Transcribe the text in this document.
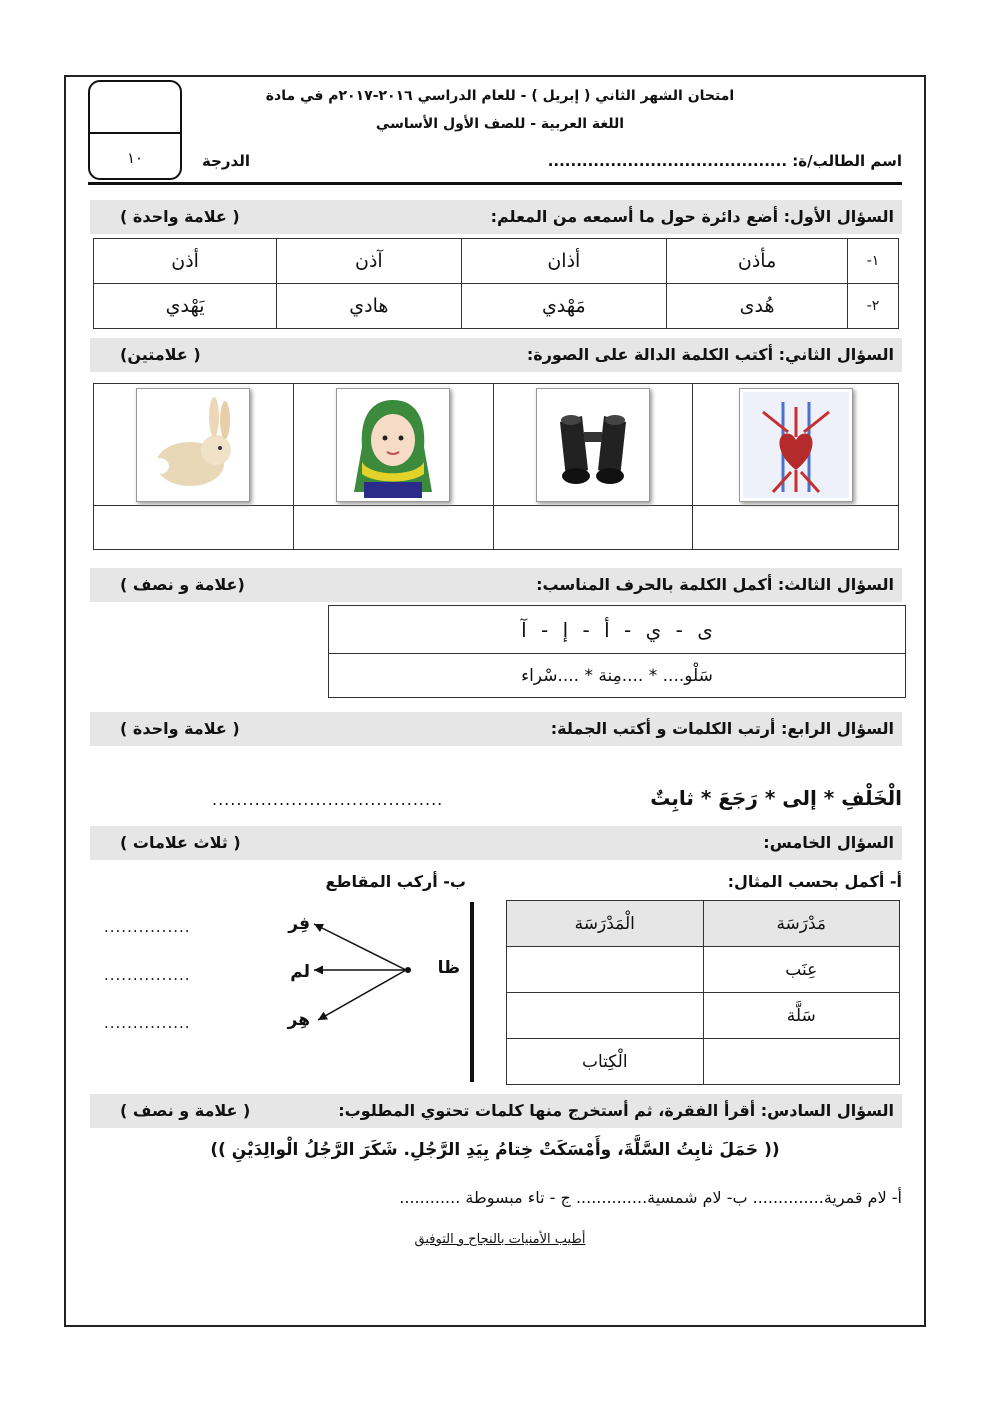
امتحان الشهر الثاني ( إبريل ) - للعام الدراسي ٢٠١٦-٢٠١٧م في مادة
اللغة العربية - للصف الأول الأساسي
١٠	الدرجة	اسم الطالب/ة: ..........................................
السؤال الأول: أضع دائرة حول ما أسمعه من المعلم:
( علامة واحدة )
١-	مأذن	أذان	آذن	أذن
٢-	هُدى	مَهْدي	هادي	يَهْدي
السؤال الثاني: أكتب الكلمة الدالة على الصورة:
( علامتين)

السؤال الثالث: أكمل الكلمة بالحرف المناسب:
(علامة و نصف )
ى - ي - أ - إ - آ
سَلْو.... * ....مِنة * ....سْراء
السؤال الرابع: أرتب الكلمات و أكتب الجملة:
( علامة واحدة )
الْخَلْفِ * إلى * رَجَعَ * ثابِتٌ
......................................
السؤال الخامس:
( ثلاث علامات )
أ- أكمل بحسب المثال:
ب- أركب المقاطع
مَدْرَسَة	الْمَدْرَسَة
عِنَب	
سَلَّة	
	الْكِتاب
ظا
فِر
لم
هِر
...............
...............
...............
السؤال السادس: أقرأ الفقرة، ثم أستخرج منها كلمات تحتوي المطلوب:
( علامة و نصف )
(( حَمَلَ ثابِتُ السَّلَّةَ، وأَمْسَكَتْ خِتامُ بِيَدِ الرَّجُلِ. شَكَرَ الرَّجُلُ الْوالِدَيْنِ ))
أ- لام قمرية.............. ب- لام شمسية.............. ج - تاء مبسوطة ............
أطيب الأمنيات بالنجاح و التوفيق
